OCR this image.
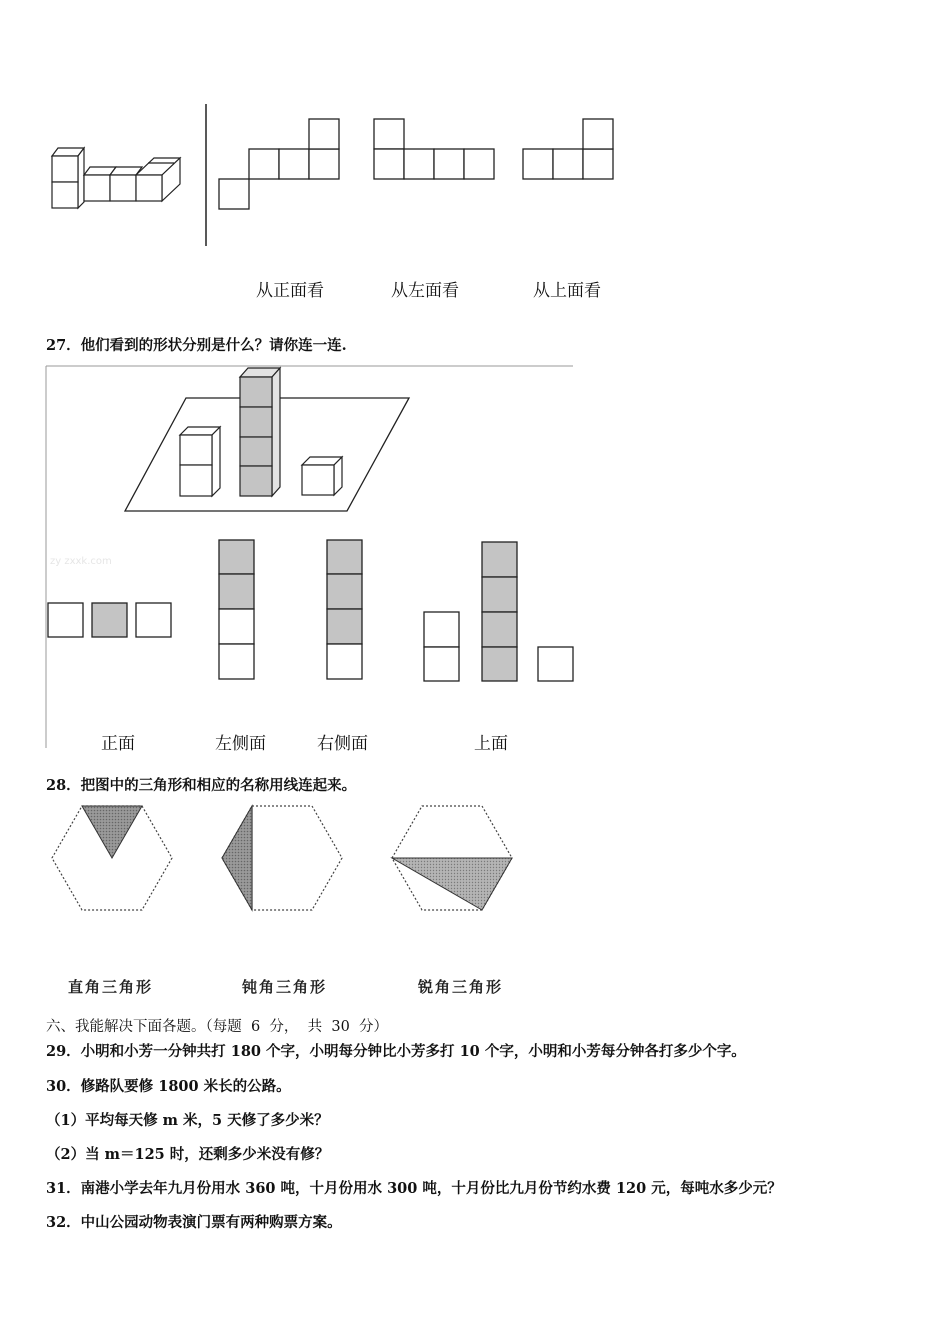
从正面看	从左面看	从上面看
27．他们看到的形状分别是什么？请你连一连.
zy zxxk.com
正面	左侧面	右侧面	上面
28．把图中的三角形和相应的名称用线连起来。
直角三角形	钝角三角形	锐角三角形
六、我能解决下面各题。（每题  6  分，  共  30  分）
29．小明和小芳一分钟共打 180 个字，小明每分钟比小芳多打 10 个字，小明和小芳每分钟各打多少个字。
30．修路队要修 1800 米长的公路。
（1）平均每天修 m 米，5 天修了多少米？
（2）当 m＝125 时，还剩多少米没有修？
31．南港小学去年九月份用水 360 吨，十月份用水 300 吨，十月份比九月份节约水费 120 元，每吨水多少元？
32．中山公园动物表演门票有两种购票方案。
